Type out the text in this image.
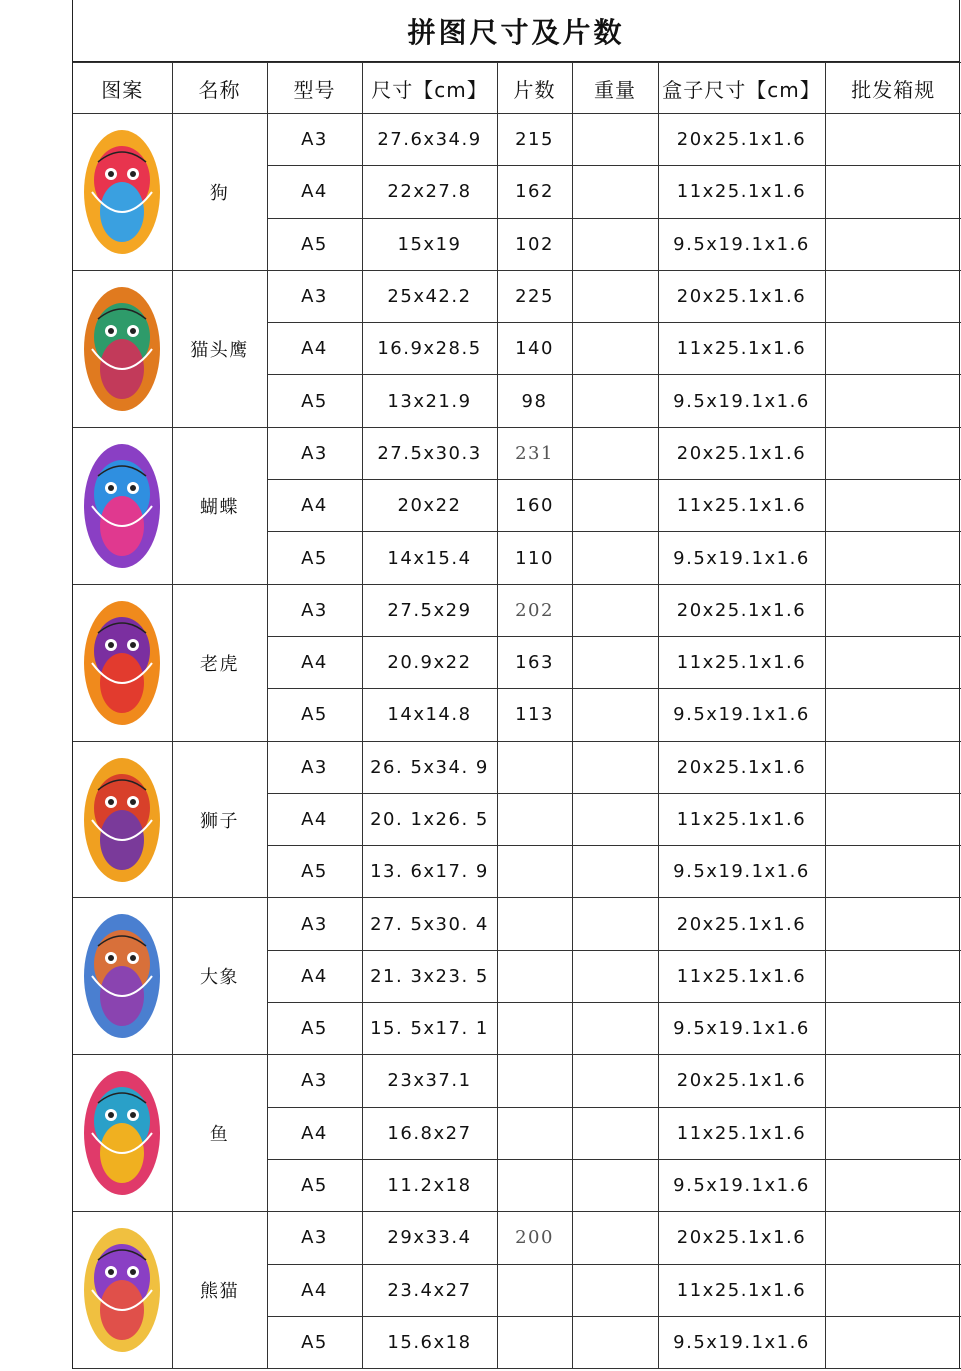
拼图尺寸及片数
图案	名称	型号	尺寸【cm】	片数	重量	盒子尺寸【cm】	批发箱规

	狗	A3	27.6x34.9	215		20x25.1x1.6	
		A4	22x27.8	162		11x25.1x1.6	
		A5	15x19	102		9.5x19.1x1.6	

	猫头鹰	A3	25x42.2	225		20x25.1x1.6	
		A4	16.9x28.5	140		11x25.1x1.6	
		A5	13x21.9	98		9.5x19.1x1.6	

	蝴蝶	A3	27.5x30.3	231		20x25.1x1.6	
		A4	20x22	160		11x25.1x1.6	
		A5	14x15.4	110		9.5x19.1x1.6	

	老虎	A3	27.5x29	202		20x25.1x1.6	
		A4	20.9x22	163		11x25.1x1.6	
		A5	14x14.8	113		9.5x19.1x1.6	

	狮子	A3	26. 5x34. 9			20x25.1x1.6	
		A4	20. 1x26. 5			11x25.1x1.6	
		A5	13. 6x17. 9			9.5x19.1x1.6	

	大象	A3	27. 5x30. 4			20x25.1x1.6	
		A4	21. 3x23. 5			11x25.1x1.6	
		A5	15. 5x17. 1			9.5x19.1x1.6	

	鱼	A3	23x37.1			20x25.1x1.6	
		A4	16.8x27			11x25.1x1.6	
		A5	11.2x18			9.5x19.1x1.6	

	熊猫	A3	29x33.4	200		20x25.1x1.6	
		A4	23.4x27			11x25.1x1.6	
		A5	15.6x18			9.5x19.1x1.6	
